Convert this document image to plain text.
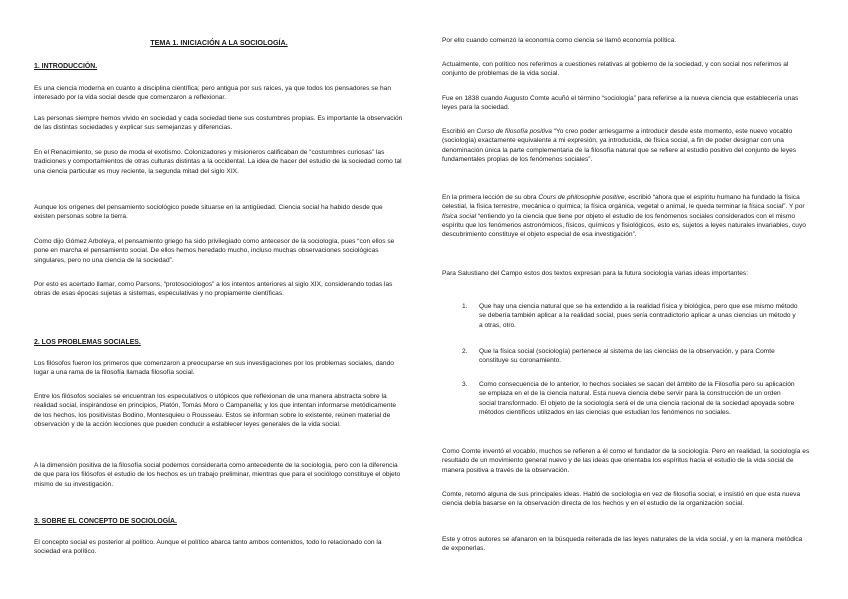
TEMA 1. INICIACIÓN A LA SOCIOLOGÍA.
1. INTRODUCCIÓN.

Es una ciencia moderna en cuanto a disciplina científica; pero antigua por sus raíces, ya que todos los pensadores se han interesado por la vida social desde que comenzaron a reflexionar.

Las personas siempre hemos vivido en sociedad y cada sociedad tiene sus costumbres propias. Es importante la observación de las distintas sociedades y explicar sus semejanzas y diferencias.

En el Renacimiento, se puso de moda el exotismo. Colonizadores y misioneros calificaban de “costumbres curiosas” las tradiciones y comportamientos de otras culturas distintas a la occidental. La idea de hacer del estudio de la sociedad como tal una ciencia particular es muy reciente, la segunda mitad del siglo XIX.

Aunque los orígenes del pensamiento sociológico puede situarse en la antigüedad. Ciencia social ha habido desde que existen personas sobre la tierra.

Como dijo Gómez Arboleya, el pensamiento griego ha sido privilegiado como antecesor de la sociología, pues “con ellos se pone en marcha el pensamiento social. De ellos hemos heredado mucho, incluso muchas observaciones sociológicas singulares, pero no una ciencia de la sociedad”.

Por esto es acertado llamar, como Parsons, “protosociólogos” a los intentos anteriores al siglo XIX, considerando todas las obras de esas épocas sujetas a sistemas, especulativas y no propiamente científicas.

2. LOS PROBLEMAS SOCIALES.

Los filósofos fueron los primeros que comenzaron a preocuparse en sus investigaciones por los problemas sociales, dando lugar a una rama de la filosofía llamada filosofía social.

Entre los filósofos sociales se encuentran los especulativos o utópicos que reflexionan de una manera abstracta sobre la realidad social, inspirándose en principios, Platón, Tomás Moro o Campanella; y los que intentan informarse metódicamente de los hechos, los positivistas Bodino, Montesquieu o Rousseau. Estos se informan sobre lo existente, reúnen material de observación y de la acción lecciones que pueden conducir a establecer leyes generales de la vida social.

A la dimensión positiva de la filosofía social podemos considerarla como antecedente de la sociología, pero con la diferencia de que para los filósofos el estudio de los hechos es un trabajo preliminar, mientras que para el sociólogo constituye el objeto mismo de su investigación.

3. SOBRE EL CONCEPTO DE SOCIOLOGÍA.

El concepto social es posterior al político. Aunque el político abarca tanto ambos contenidos, todo lo relacionado con la sociedad era político.

Por ello cuando comenzó la economía como ciencia se llamó economía política.

Actualmente, con político nos referimos a cuestiones relativas al gobierno de la sociedad, y con social nos referimos al conjunto de problemas de la vida social.

Fue en 1838 cuando Augusto Comte acuñó el término “sociología” para referirse a la nueva ciencia que establecería unas leyes para la sociedad.

Escribió en Curso de filosofía positiva “Yo creo poder arriesgarme a introducir desde este momento, este nuevo vocablo (sociología) exactamente equivalente a mi expresión, ya introducida, de física social, a fin de poder designar con una denominación única la parte complementaria de la filosofía natural que se refiere al estudio positivo del conjunto de leyes fundamentales propias de los fenómenos sociales”.

En la primera lección de su obra Cours de philosophie positive, escribió “ahora que el espíritu humano ha fundado la física celestial, la física terrestre, mecánica o química; la física orgánica, vegetal o animal, le queda terminar la física social”. Y por física social “entiendo yo la ciencia que tiene por objeto el estudio de los fenómenos sociales considerados con el mismo espíritu que los fenómenos astronómicos, físicos, químicos y fisiológicos, esto es, sujetos a leyes naturales invariables, cuyo descubrimiento constituye el objeto especial de esa investigación”.

Para Salustiano del Campo estos dos textos expresan para la futura sociología varias ideas importantes:

1. Que hay una ciencia natural que se ha extendido a la realidad física y biológica, pero que ese mismo método se debería también aplicar a la realidad social, pues sería contradictorio aplicar a unas ciencias un método y a otras, otro.
2. Que la física social (sociología) pertenece al sistema de las ciencias de la observación, y para Comte constituye su coronamiento.
3. Como consecuencia de lo anterior, lo hechos sociales se sacan del ámbito de la Filosofía pero su aplicación se emplaza en el de la ciencia natural. Esta nueva ciencia debe servir para la construcción de un orden social transformado. El objeto de la sociología será el de una ciencia racional de la sociedad apoyada sobre métodos científicos utilizados en las ciencias que estudian los fenómenos no sociales.

Como Comte inventó el vocablo, muchos se refieren a él como el fundador de la sociología. Pero en realidad, la sociología es resultado de un movimiento general nuevo y de las ideas que orientaba los espíritus hacia el estudio de la vida social de manera positiva a través de la observación.

Comte, retomó alguna de sus principales ideas. Habló de sociología en vez de filosofía social, e insistió en que esta nueva ciencia debía basarse en la observación directa de los hechos y en el estudio de la organización social.

Este y otros autores se afanaron en la búsqueda reiterada de las leyes naturales de la vida social, y en la manera metódica de exponerlas.
